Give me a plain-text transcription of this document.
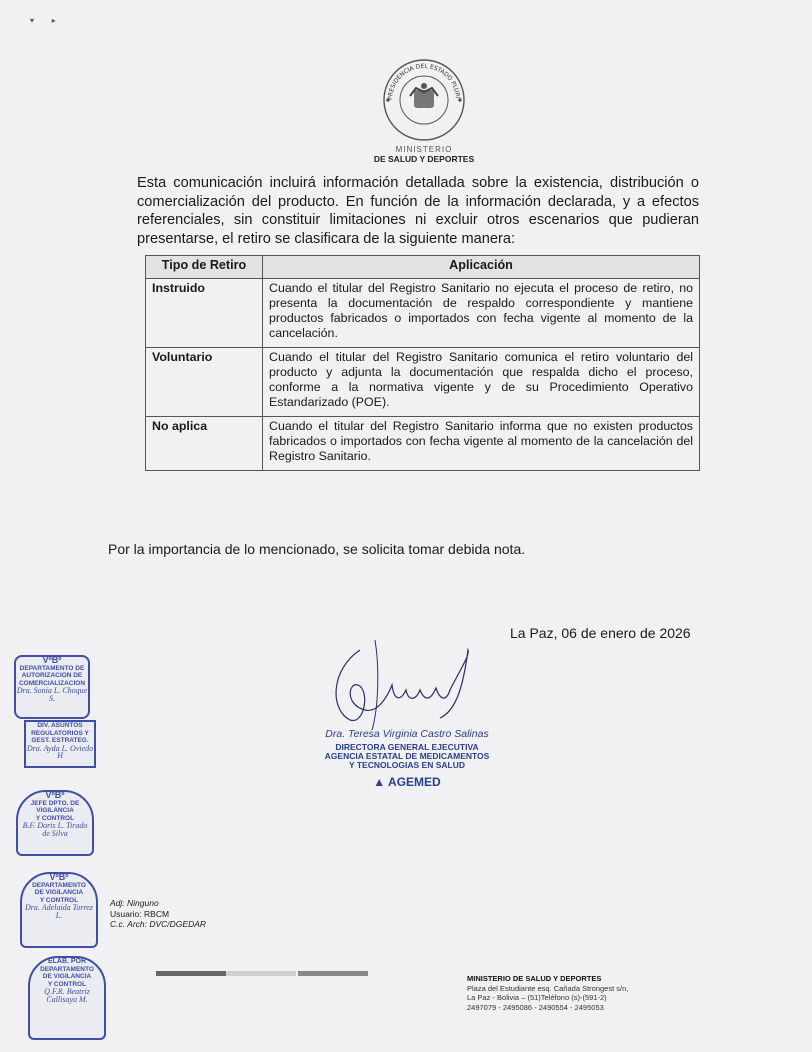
▾        ▸
PRESIDENCIA DEL ESTADO PLURI
MINISTERIO
DE SALUD Y DEPORTES
Esta comunicación incluirá información detallada sobre la existencia, distribución o comercialización del producto. En función de la información declarada, y a efectos referenciales, sin constituir limitaciones ni excluir otros escenarios que pudieran presentarse, el retiro se clasificara de la siguiente manera:
Tipo de Retiro	Aplicación
Instruido	Cuando el titular del Registro Sanitario no ejecuta el proceso de retiro, no presenta la documentación de respaldo correspondiente y mantiene productos fabricados o importados con fecha vigente al momento de la cancelación.
Voluntario	Cuando el titular del Registro Sanitario comunica el retiro voluntario del producto y adjunta la documentación que respalda dicho el proceso, conforme a la normativa vigente y de su Procedimiento Operativo Estandarizado (POE).
No aplica	Cuando el titular del Registro Sanitario informa que no existen productos fabricados o importados con fecha vigente al momento de la cancelación del Registro Sanitario.
Por la importancia de lo mencionado, se solicita tomar debida nota.
La Paz, 06 de enero de 2026
Dra. Teresa Virginia Castro Salinas
DIRECTORA GENERAL EJECUTIVA
AGENCIA ESTATAL DE MEDICAMENTOS
Y TECNOLOGIAS EN SALUD
▲ AGEMED
VºBº
DEPARTAMENTO DE
AUTORIZACION DE
COMERCIALIZACION
Dra. Sonia L. Choque S.
DIV. ASUNTOS
REGULATORIOS Y
GEST. ESTRATEG.
Dra. Ayda L. Oviedo H
VºBº
JEFE DPTO. DE
VIGILANCIA
Y CONTROL
B.F. Doris L. Tirado de Silva
VºBº
DEPARTAMENTO
DE VIGILANCIA
Y CONTROL
Dra. Adelaida Torrez L.
ELAB. POR
DEPARTAMENTO
DE VIGILANCIA
Y CONTROL
Q.F.R. Beatriz Callisaya M.
Adj: Ninguno
Usuario: RBCM
C.c. Arch: DVC/DGEDAR
MINISTERIO DE SALUD Y DEPORTES
Plaza del Estudiante esq. Cañada Strongest s/n,
La Paz - Bolivia – (51)Teléfono (s)-(591-2)
2497079 - 2495086 - 2490554 - 2495053
